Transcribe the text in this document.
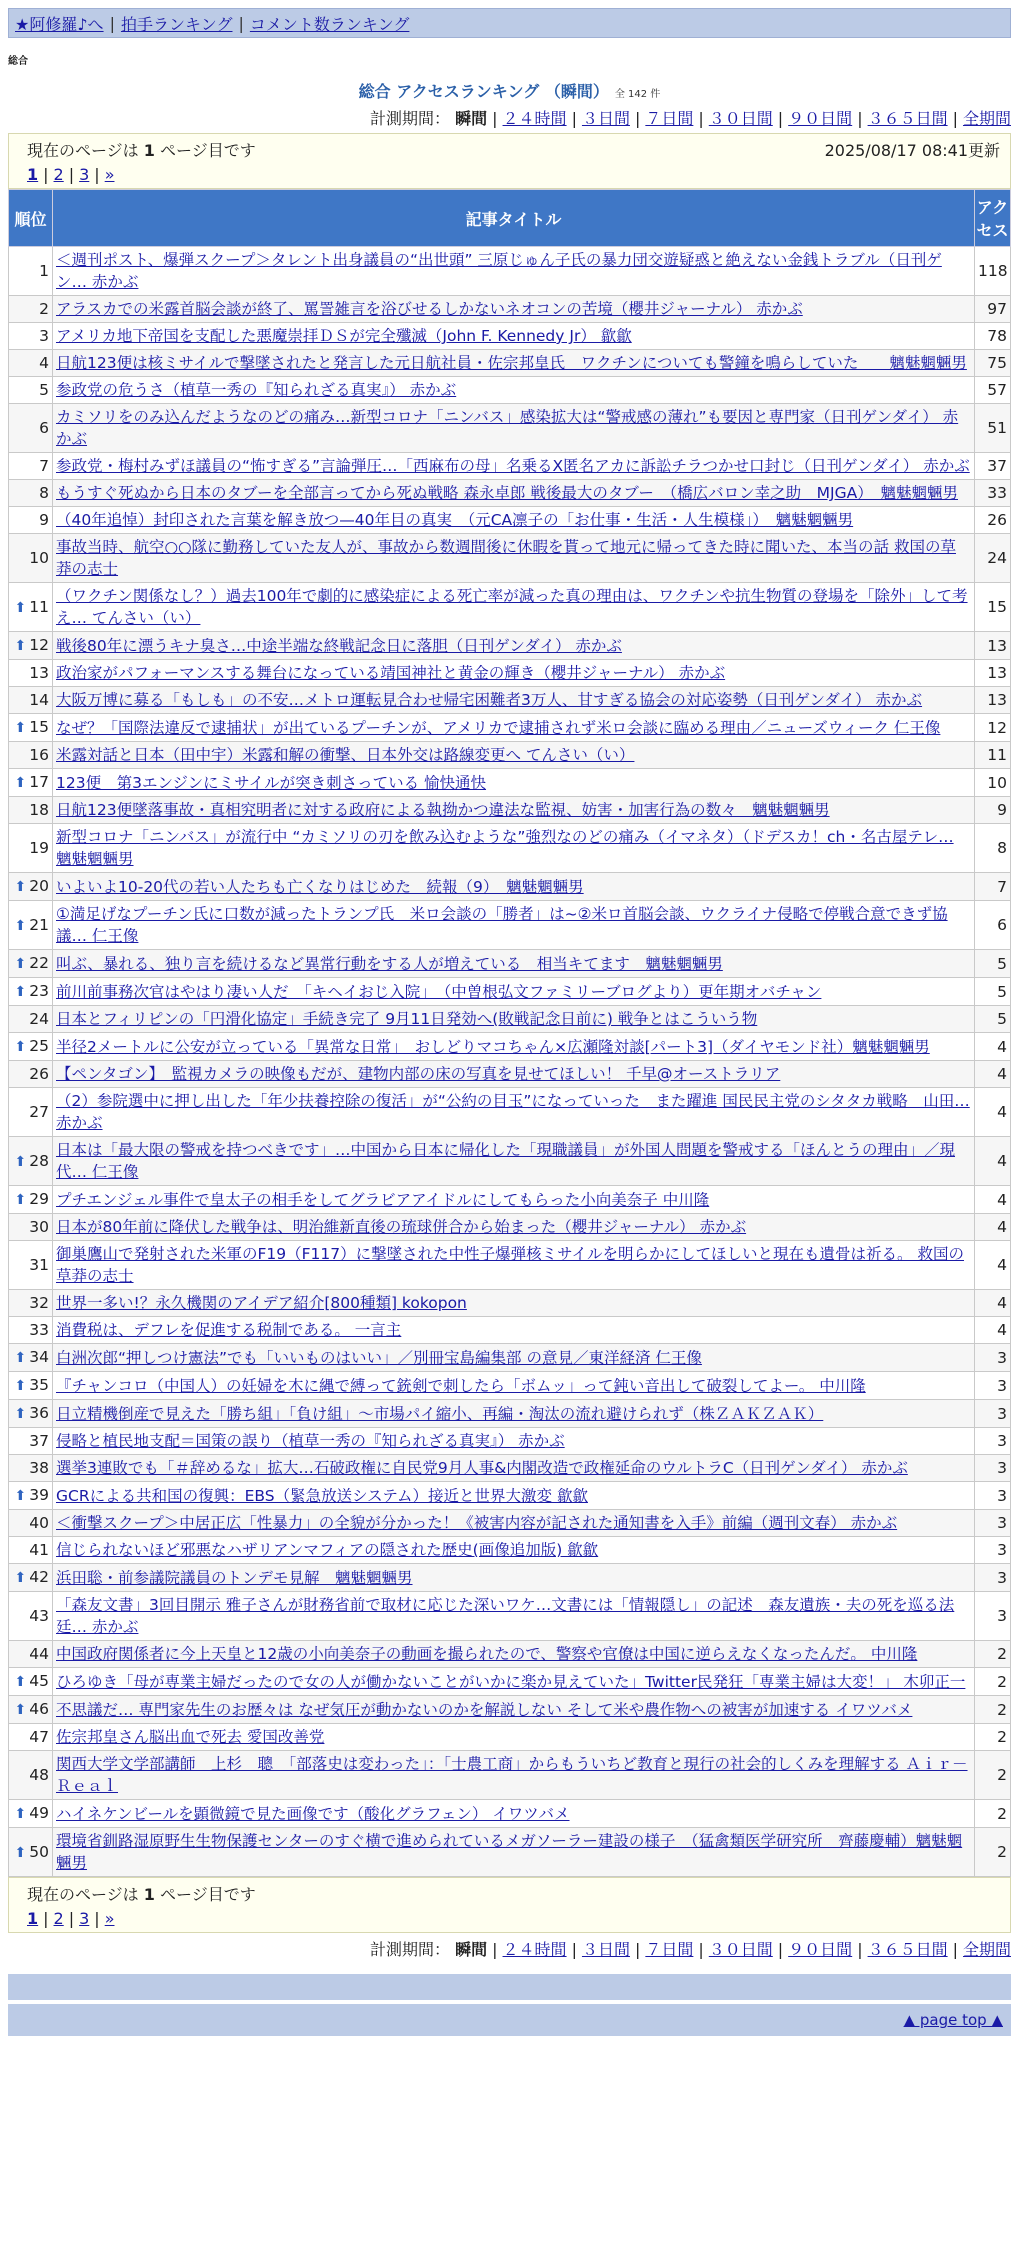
★阿修羅♪へ | 拍手ランキング | コメント数ランキング
総合
総合 アクセスランキング （瞬間） 全 142 件
計測期間： 瞬間 | ２４時間 | ３日間 | ７日間 | ３０日間 | ９０日間 | ３６５日間 | 全期間
現在のページは 1 ページ目です	2025/08/17 08:41更新
1 | 2 | 3 | »
順位	記事タイトル	アクセス
1	＜週刊ポスト、爆弾スクープ＞タレント出身議員の“出世頭” 三原じゅん子氏の暴力団交遊疑惑と絶えない金銭トラブル（日刊ゲン… 赤かぶ	118
2	アラスカでの米露首脳会談が終了、罵詈雑言を浴びせるしかないネオコンの苦境（櫻井ジャーナル） 赤かぶ	97
3	アメリカ地下帝国を支配した悪魔崇拝ＤＳが完全殲滅（John F. Kennedy Jr） 歙歙	78
4	日航123便は核ミサイルで撃墜されたと発言した元日航社員・佐宗邦皇氏　ワクチンについても警鐘を鳴らしていた　　魑魅魍魎男	75
5	参政党の危うさ（植草一秀の『知られざる真実』） 赤かぶ	57
6	カミソリをのみ込んだようなのどの痛み…新型コロナ「ニンバス」感染拡大は“警戒感の薄れ”も要因と専門家（日刊ゲンダイ） 赤かぶ	51
7	参政党・梅村みずほ議員の“怖すぎる”言論弾圧…「西麻布の母」名乗るX匿名アカに訴訟チラつかせ口封じ（日刊ゲンダイ） 赤かぶ	37
8	もうすぐ死ぬから日本のタブーを全部言ってから死ぬ戦略 森永卓郎 戦後最大のタブー　（橋広バロン幸之助　MJGA）　魑魅魍魎男	33
9	（40年追悼）封印された言葉を解き放つ—40年目の真実　（元CA凛子の「お仕事・生活・人生模様」）　魑魅魍魎男	26
10	事故当時、航空○○隊に勤務していた友人が、事故から数週間後に休暇を貰って地元に帰ってきた時に聞いた、本当の話 救国の草莽の志士	24
⬆ 11	（ワクチン関係なし？）過去100年で劇的に感染症による死亡率が減った真の理由は、ワクチンや抗生物質の登場を「除外」して考え… てんさい（い）	15
⬆ 12	戦後80年に漂うキナ臭さ…中途半端な終戦記念日に落胆（日刊ゲンダイ） 赤かぶ	13
13	政治家がパフォーマンスする舞台になっている靖国神社と黄金の輝き（櫻井ジャーナル） 赤かぶ	13
14	大阪万博に募る「もしも」の不安…メトロ運転見合わせ帰宅困難者3万人、甘すぎる協会の対応姿勢（日刊ゲンダイ） 赤かぶ	13
⬆ 15	なぜ？「国際法違反で逮捕状」が出ているプーチンが、アメリカで逮捕されず米ロ会談に臨める理由／ニューズウィーク 仁王像	12
16	米露対話と日本（田中宇）米露和解の衝撃、日本外交は路線変更へ てんさい（い）	11
⬆ 17	123便　第3エンジンにミサイルが突き刺さっている 愉快通快	10
18	日航123便墜落事故・真相究明者に対する政府による執拗かつ違法な監視、妨害・加害行為の数々　魑魅魍魎男	9
19	新型コロナ「ニンバス」が流行中 “カミソリの刃を飲み込むような”強烈なのどの痛み（イマネタ）（ドデスカ！ch・名古屋テレ… 魑魅魍魎男	8
⬆ 20	いよいよ10-20代の若い人たちも亡くなりはじめた　続報（9）　魑魅魍魎男	7
⬆ 21	①満足げなプーチン氏に口数が減ったトランプ氏　米ロ会談の「勝者」は~②米ロ首脳会談、ウクライナ侵略で停戦合意できず協議… 仁王像	6
⬆ 22	叫ぶ、暴れる、独り言を続けるなど異常行動をする人が増えている　相当キてます　魑魅魍魎男	5
⬆ 23	前川前事務次官はやはり凄い人だ　「キヘイおじ入院」　（中曽根弘文ファミリーブログより）更年期オバチャン	5
24	日本とフィリピンの「円滑化協定」手続き完了 9月11日発効へ(敗戦記念日前に) 戦争とはこういう物	5
⬆ 25	半径2メートルに公安が立っている「異常な日常」　おしどりマコちゃん×広瀬隆対談[パート3]（ダイヤモンド社）魑魅魍魎男	4
26	【ペンタゴン】　監視カメラの映像もだが、建物内部の床の写真を見せてほしい！ 千早@オーストラリア	4
27	（2）参院選中に押し出した「年少扶養控除の復活」が“公約の目玉”になっていった　また躍進 国民民主党のシタタカ戦略　山田… 赤かぶ	4
⬆ 28	日本は「最大限の警戒を持つべきです」…中国から日本に帰化した「現職議員」が外国人問題を警戒する「ほんとうの理由」／現代… 仁王像	4
⬆ 29	プチエンジェル事件で皇太子の相手をしてグラビアアイドルにしてもらった小向美奈子 中川隆	4
30	日本が80年前に降伏した戦争は、明治維新直後の琉球併合から始まった（櫻井ジャーナル） 赤かぶ	4
31	御巣鷹山で発射された米軍のF19（F117）に撃墜された中性子爆弾核ミサイルを明らかにしてほしいと現在も遺骨は祈る。 救国の草莽の志士	4
32	世界一多い!？永久機関のアイデア紹介[800種類] kokopon	4
33	消費税は、デフレを促進する税制である。 一言主	4
⬆ 34	白洲次郎“押しつけ憲法”でも「いいものはいい」／別冊宝島編集部 の意見／東洋経済 仁王像	3
⬆ 35	『チャンコロ（中国人）の妊婦を木に縄で縛って銃剣で刺したら「ボムッ」って鈍い音出して破裂してよー。 中川隆	3
⬆ 36	日立精機倒産で見えた「勝ち組」「負け組」〜市場パイ縮小、再編・淘汰の流れ避けられず（株ＺＡＫＺＡＫ）	3
37	侵略と植民地支配＝国策の誤り（植草一秀の『知られざる真実』） 赤かぶ	3
38	選挙3連敗でも「＃辞めるな」拡大…石破政権に自民党9月人事&内閣改造で政権延命のウルトラC（日刊ゲンダイ） 赤かぶ	3
⬆ 39	GCRによる共和国の復興：EBS（緊急放送システム）接近と世界大激変 歙歙	3
40	＜衝撃スクープ＞中居正広「性暴力」の全貌が分かった！《被害内容が記された通知書を入手》前編（週刊文春） 赤かぶ	3
41	信じられないほど邪悪なハザリアンマフィアの隠された歴史(画像追加版) 歙歙	3
⬆ 42	浜田聡・前参議院議員のトンデモ見解　魑魅魍魎男	3
43	「森友文書」3回目開示 雅子さんが財務省前で取材に応じた深いワケ…文書には「情報隠し」の記述　森友遺族・夫の死を巡る法廷… 赤かぶ	3
44	中国政府関係者に今上天皇と12歳の小向美奈子の動画を撮られたので、警察や官僚は中国に逆らえなくなったんだ。 中川隆	2
⬆ 45	ひろゆき「母が専業主婦だったので女の人が働かないことがいかに楽か見えていた」Twitter民発狂「専業主婦は大変！」 木卯正一	2
⬆ 46	不思議だ… 専門家先生のお歴々は なぜ気圧が動かないのかを解説しない そして米や農作物への被害が加速する イワツバメ	2
47	佐宗邦皇さん脳出血で死去 愛国改善党	2
48	関西大学文学部講師　上杉　聰　「部落史は変わった」：「士農工商」からもういちど教育と現行の社会的しくみを理解する Ａｉｒ－Ｒｅａｌ	2
⬆ 49	ハイネケンビールを顕微鏡で見た画像です（酸化グラフェン） イワツバメ	2
⬆ 50	環境省釧路湿原野生生物保護センターのすぐ横で進められているメガソーラー建設の様子　（猛禽類医学研究所　齊藤慶輔）魑魅魍魎男	2
現在のページは 1 ページ目です
1 | 2 | 3 | »
計測期間： 瞬間 | ２４時間 | ３日間 | ７日間 | ３０日間 | ９０日間 | ３６５日間 | 全期間
▲ page top ▲
